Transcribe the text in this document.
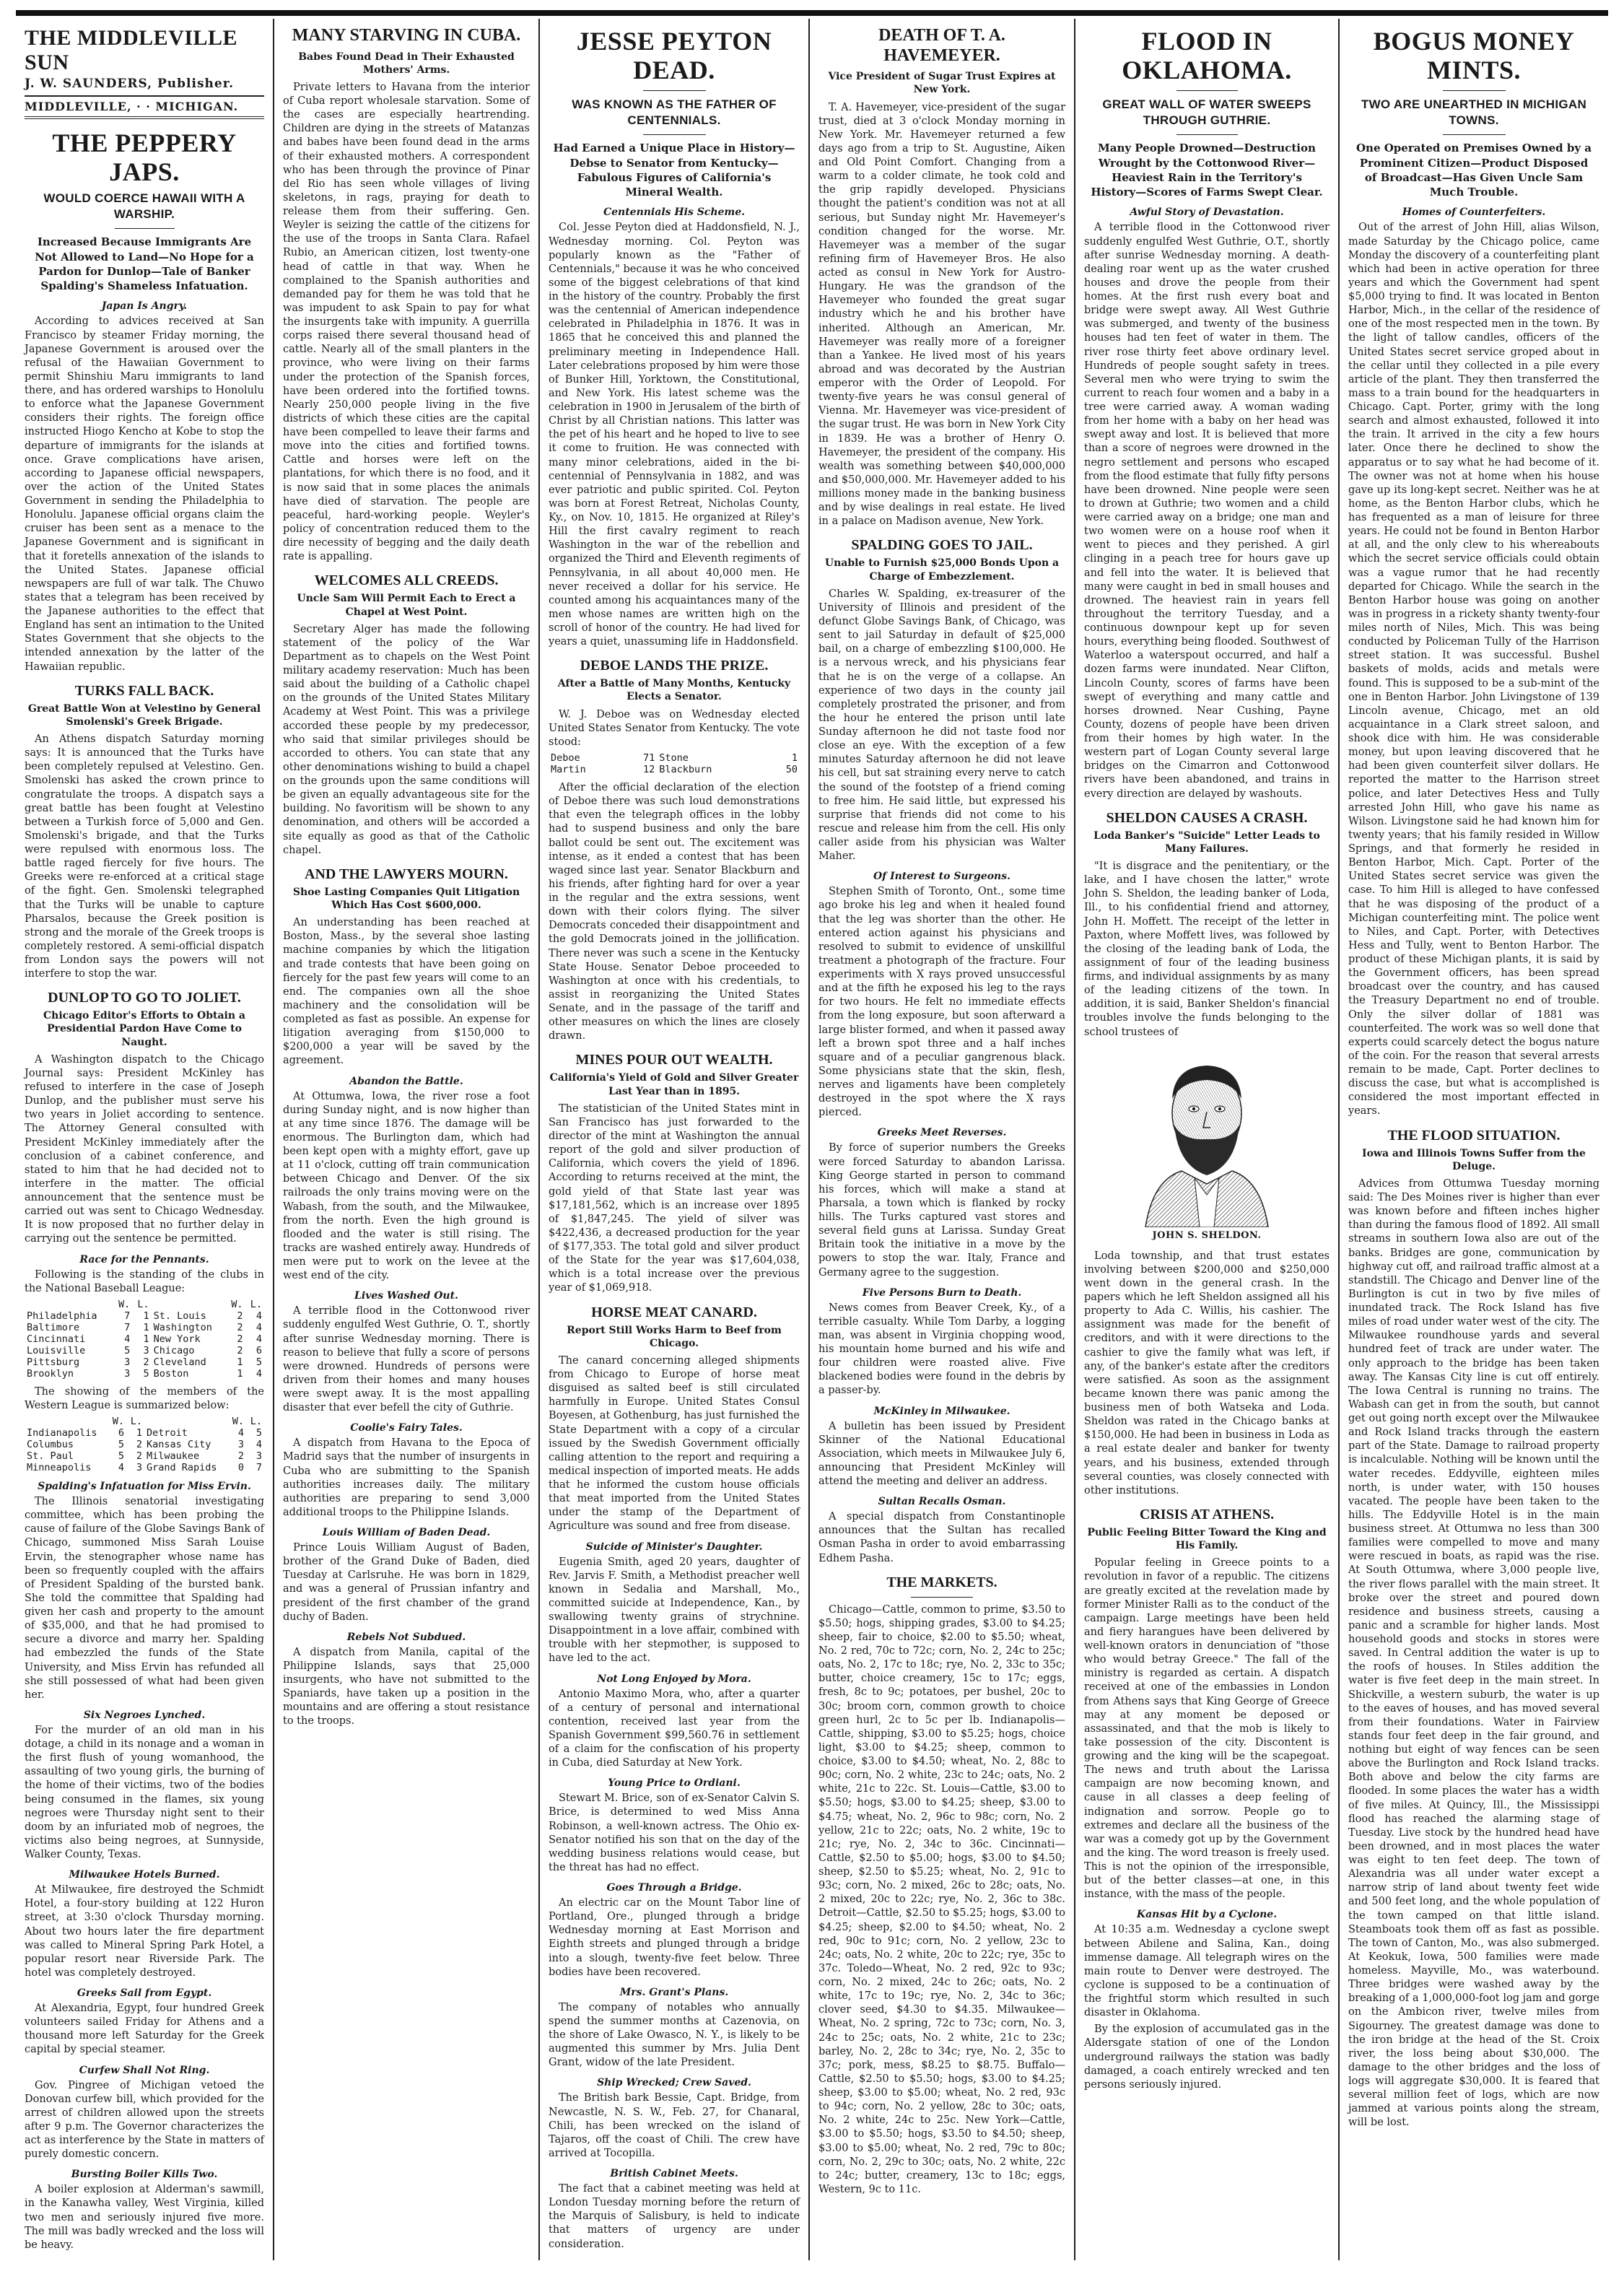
THE MIDDLEVILLE SUN
J. W. SAUNDERS, Publisher.
MIDDLEVILLE, · · MICHIGAN.
THE PEPPERY JAPS.
WOULD COERCE HAWAII WITH A WARSHIP.
Increased Because Immigrants Are Not Allowed to Land—No Hope for a Pardon for Dunlop—Tale of Banker Spalding's Shameless Infatuation.
Japan Is Angry.

According to advices received at San Francisco by steamer Friday morning, the Japanese Government is aroused over the refusal of the Hawaiian Government to permit Shinshiu Maru immigrants to land there, and has ordered warships to Honolulu to enforce what the Japanese Government considers their rights. The foreign office instructed Hiogo Kencho at Kobe to stop the departure of immigrants for the islands at once. Grave complications have arisen, according to Japanese official newspapers, over the action of the United States Government in sending the Philadelphia to Honolulu. Japanese official organs claim the cruiser has been sent as a menace to the Japanese Government and is significant in that it foretells annexation of the islands to the United States. Japanese official newspapers are full of war talk. The Chuwo states that a telegram has been received by the Japanese authorities to the effect that England has sent an intimation to the United States Government that she objects to the intended annexation by the latter of the Hawaiian republic.

TURKS FALL BACK.
Great Battle Won at Velestino by General Smolenski's Greek Brigade.

An Athens dispatch Saturday morning says: It is announced that the Turks have been completely repulsed at Velestino. Gen. Smolenski has asked the crown prince to congratulate the troops. A dispatch says a great battle has been fought at Velestino between a Turkish force of 5,000 and Gen. Smolenski's brigade, and that the Turks were repulsed with enormous loss. The battle raged fiercely for five hours. The Greeks were re-enforced at a critical stage of the fight. Gen. Smolenski telegraphed that the Turks will be unable to capture Pharsalos, because the Greek position is strong and the morale of the Greek troops is completely restored. A semi-official dispatch from London says the powers will not interfere to stop the war.

DUNLOP TO GO TO JOLIET.
Chicago Editor's Efforts to Obtain a Presidential Pardon Have Come to Naught.

A Washington dispatch to the Chicago Journal says: President McKinley has refused to interfere in the case of Joseph Dunlop, and the publisher must serve his two years in Joliet according to sentence. The Attorney General consulted with President McKinley immediately after the conclusion of a cabinet conference, and stated to him that he had decided not to interfere in the matter. The official announcement that the sentence must be carried out was sent to Chicago Wednesday. It is now proposed that no further delay in carrying out the sentence be permitted.

Race for the Pennants.

Following is the standing of the clubs in the National Baseball League:

	W.	L.		W.	L.
Philadelphia	7	1	St. Louis	2	4
Baltimore	7	1	Washington	2	4
Cincinnati	4	1	New York	2	4
Louisville	5	3	Chicago	2	6
Pittsburg	3	2	Cleveland	1	5
Brooklyn	3	5	Boston	1	4

The showing of the members of the Western League is summarized below:

	W.	L.		W.	L.
Indianapolis	6	1	Detroit	4	5
Columbus	5	2	Kansas City	3	4
St. Paul	5	2	Milwaukee	2	3
Minneapolis	4	3	Grand Rapids	0	7
Spalding's Infatuation for Miss Ervin.

The Illinois senatorial investigating committee, which has been probing the cause of failure of the Globe Savings Bank of Chicago, summoned Miss Sarah Louise Ervin, the stenographer whose name has been so frequently coupled with the affairs of President Spalding of the bursted bank. She told the committee that Spalding had given her cash and property to the amount of $35,000, and that he had promised to secure a divorce and marry her. Spalding had embezzled the funds of the State University, and Miss Ervin has refunded all she still possessed of what had been given her.

Six Negroes Lynched.

For the murder of an old man in his dotage, a child in its nonage and a woman in the first flush of young womanhood, the assaulting of two young girls, the burning of the home of their victims, two of the bodies being consumed in the flames, six young negroes were Thursday night sent to their doom by an infuriated mob of negroes, the victims also being negroes, at Sunnyside, Walker County, Texas.

Milwaukee Hotels Burned.

At Milwaukee, fire destroyed the Schmidt Hotel, a four-story building at 122 Huron street, at 3:30 o'clock Thursday morning. About two hours later the fire department was called to Mineral Spring Park Hotel, a popular resort near Riverside Park. The hotel was completely destroyed.

Greeks Sail from Egypt.

At Alexandria, Egypt, four hundred Greek volunteers sailed Friday for Athens and a thousand more left Saturday for the Greek capital by special steamer.

Curfew Shall Not Ring.

Gov. Pingree of Michigan vetoed the Donovan curfew bill, which provided for the arrest of children allowed upon the streets after 9 p.m. The Governor characterizes the act as interference by the State in matters of purely domestic concern.

Bursting Boiler Kills Two.

A boiler explosion at Alderman's sawmill, in the Kanawha valley, West Virginia, killed two men and seriously injured five more. The mill was badly wrecked and the loss will be heavy.

MANY STARVING IN CUBA.
Babes Found Dead in Their Exhausted Mothers' Arms.

Private letters to Havana from the interior of Cuba report wholesale starvation. Some of the cases are especially heartrending. Children are dying in the streets of Matanzas and babes have been found dead in the arms of their exhausted mothers. A correspondent who has been through the province of Pinar del Rio has seen whole villages of living skeletons, in rags, praying for death to release them from their suffering. Gen. Weyler is seizing the cattle of the citizens for the use of the troops in Santa Clara. Rafael Rubio, an American citizen, lost twenty-one head of cattle in that way. When he complained to the Spanish authorities and demanded pay for them he was told that he was impudent to ask Spain to pay for what the insurgents take with impunity. A guerrilla corps raised there several thousand head of cattle. Nearly all of the small planters in the province, who were living on their farms under the protection of the Spanish forces, have been ordered into the fortified towns. Nearly 250,000 people living in the five districts of which these cities are the capital have been compelled to leave their farms and move into the cities and fortified towns. Cattle and horses were left on the plantations, for which there is no food, and it is now said that in some places the animals have died of starvation. The people are peaceful, hard-working people. Weyler's policy of concentration reduced them to the dire necessity of begging and the daily death rate is appalling.

WELCOMES ALL CREEDS.
Uncle Sam Will Permit Each to Erect a Chapel at West Point.

Secretary Alger has made the following statement of the policy of the War Department as to chapels on the West Point military academy reservation: Much has been said about the building of a Catholic chapel on the grounds of the United States Military Academy at West Point. This was a privilege accorded these people by my predecessor, who said that similar privileges should be accorded to others. You can state that any other denominations wishing to build a chapel on the grounds upon the same conditions will be given an equally advantageous site for the building. No favoritism will be shown to any denomination, and others will be accorded a site equally as good as that of the Catholic chapel.

AND THE LAWYERS MOURN.
Shoe Lasting Companies Quit Litigation Which Has Cost $600,000.

An understanding has been reached at Boston, Mass., by the several shoe lasting machine companies by which the litigation and trade contests that have been going on fiercely for the past few years will come to an end. The companies own all the shoe machinery and the consolidation will be completed as fast as possible. An expense for litigation averaging from $150,000 to $200,000 a year will be saved by the agreement.

Abandon the Battle.

At Ottumwa, Iowa, the river rose a foot during Sunday night, and is now higher than at any time since 1876. The damage will be enormous. The Burlington dam, which had been kept open with a mighty effort, gave up at 11 o'clock, cutting off train communication between Chicago and Denver. Of the six railroads the only trains moving were on the Wabash, from the south, and the Milwaukee, from the north. Even the high ground is flooded and the water is still rising. The tracks are washed entirely away. Hundreds of men were put to work on the levee at the west end of the city.

Lives Washed Out.

A terrible flood in the Cottonwood river suddenly engulfed West Guthrie, O. T., shortly after sunrise Wednesday morning. There is reason to believe that fully a score of persons were drowned. Hundreds of persons were driven from their homes and many houses were swept away. It is the most appalling disaster that ever befell the city of Guthrie.

Coolie's Fairy Tales.

A dispatch from Havana to the Epoca of Madrid says that the number of insurgents in Cuba who are submitting to the Spanish authorities increases daily. The military authorities are preparing to send 3,000 additional troops to the Philippine Islands.

Louis William of Baden Dead.

Prince Louis William August of Baden, brother of the Grand Duke of Baden, died Tuesday at Carlsruhe. He was born in 1829, and was a general of Prussian infantry and president of the first chamber of the grand duchy of Baden.

Rebels Not Subdued.

A dispatch from Manila, capital of the Philippine Islands, says that 25,000 insurgents, who have not submitted to the Spaniards, have taken up a position in the mountains and are offering a stout resistance to the troops.

JESSE PEYTON DEAD.
WAS KNOWN AS THE FATHER OF CENTENNIALS.
Had Earned a Unique Place in History—Debse to Senator from Kentucky—Fabulous Figures of California's Mineral Wealth.
Centennials His Scheme.

Col. Jesse Peyton died at Haddonsfield, N. J., Wednesday morning. Col. Peyton was popularly known as the "Father of Centennials," because it was he who conceived some of the biggest celebrations of that kind in the history of the country. Probably the first was the centennial of American independence celebrated in Philadelphia in 1876. It was in 1865 that he conceived this and planned the preliminary meeting in Independence Hall. Later celebrations proposed by him were those of Bunker Hill, Yorktown, the Constitutional, and New York. His latest scheme was the celebration in 1900 in Jerusalem of the birth of Christ by all Christian nations. This latter was the pet of his heart and he hoped to live to see it come to fruition. He was connected with many minor celebrations, aided in the bi-centennial of Pennsylvania in 1882, and was ever patriotic and public spirited. Col. Peyton was born at Forest Retreat, Nicholas County, Ky., on Nov. 10, 1815. He organized at Riley's Hill the first cavalry regiment to reach Washington in the war of the rebellion and organized the Third and Eleventh regiments of Pennsylvania, in all about 40,000 men. He never received a dollar for his service. He counted among his acquaintances many of the men whose names are written high on the scroll of honor of the country. He had lived for years a quiet, unassuming life in Haddonsfield.

DEBOE LANDS THE PRIZE.
After a Battle of Many Months, Kentucky Elects a Senator.

W. J. Deboe was on Wednesday elected United States Senator from Kentucky. The vote stood:

Deboe	71	Stone	1
Martin	12	Blackburn	50

After the official declaration of the election of Deboe there was such loud demonstrations that even the telegraph offices in the lobby had to suspend business and only the bare ballot could be sent out. The excitement was intense, as it ended a contest that has been waged since last year. Senator Blackburn and his friends, after fighting hard for over a year in the regular and the extra sessions, went down with their colors flying. The silver Democrats conceded their disappointment and the gold Democrats joined in the jollification. There never was such a scene in the Kentucky State House. Senator Deboe proceeded to Washington at once with his credentials, to assist in reorganizing the United States Senate, and in the passage of the tariff and other measures on which the lines are closely drawn.

MINES POUR OUT WEALTH.
California's Yield of Gold and Silver Greater Last Year than in 1895.

The statistician of the United States mint in San Francisco has just forwarded to the director of the mint at Washington the annual report of the gold and silver production of California, which covers the yield of 1896. According to returns received at the mint, the gold yield of that State last year was $17,181,562, which is an increase over 1895 of $1,847,245. The yield of silver was $422,436, a decreased production for the year of $177,353. The total gold and silver product of the State for the year was $17,604,038, which is a total increase over the previous year of $1,069,918.

HORSE MEAT CANARD.
Report Still Works Harm to Beef from Chicago.

The canard concerning alleged shipments from Chicago to Europe of horse meat disguised as salted beef is still circulated harmfully in Europe. United States Consul Boyesen, at Gothenburg, has just furnished the State Department with a copy of a circular issued by the Swedish Government officially calling attention to the report and requiring a medical inspection of imported meats. He adds that he informed the custom house officials that meat imported from the United States under the stamp of the Department of Agriculture was sound and free from disease.

Suicide of Minister's Daughter.

Eugenia Smith, aged 20 years, daughter of Rev. Jarvis F. Smith, a Methodist preacher well known in Sedalia and Marshall, Mo., committed suicide at Independence, Kan., by swallowing twenty grains of strychnine. Disappointment in a love affair, combined with trouble with her stepmother, is supposed to have led to the act.

Not Long Enjoyed by Mora.

Antonio Maximo Mora, who, after a quarter of a century of personal and international contention, received last year from the Spanish Government $99,560.76 in settlement of a claim for the confiscation of his property in Cuba, died Saturday at New York.

Young Price to Ordiani.

Stewart M. Brice, son of ex-Senator Calvin S. Brice, is determined to wed Miss Anna Robinson, a well-known actress. The Ohio ex-Senator notified his son that on the day of the wedding business relations would cease, but the threat has had no effect.

Goes Through a Bridge.

An electric car on the Mount Tabor line of Portland, Ore., plunged through a bridge Wednesday morning at East Morrison and Eighth streets and plunged through a bridge into a slough, twenty-five feet below. Three bodies have been recovered.

Mrs. Grant's Plans.

The company of notables who annually spend the summer months at Cazenovia, on the shore of Lake Owasco, N. Y., is likely to be augmented this summer by Mrs. Julia Dent Grant, widow of the late President.

Ship Wrecked; Crew Saved.

The British bark Bessie, Capt. Bridge, from Newcastle, N. S. W., Feb. 27, for Chanaral, Chili, has been wrecked on the island of Tajaros, off the coast of Chili. The crew have arrived at Tocopilla.

British Cabinet Meets.

The fact that a cabinet meeting was held at London Tuesday morning before the return of the Marquis of Salisbury, is held to indicate that matters of urgency are under consideration.

DEATH OF T. A. HAVEMEYER.
Vice President of Sugar Trust Expires at New York.

T. A. Havemeyer, vice-president of the sugar trust, died at 3 o'clock Monday morning in New York. Mr. Havemeyer returned a few days ago from a trip to St. Augustine, Aiken and Old Point Comfort. Changing from a warm to a colder climate, he took cold and the grip rapidly developed. Physicians thought the patient's condition was not at all serious, but Sunday night Mr. Havemeyer's condition changed for the worse. Mr. Havemeyer was a member of the sugar refining firm of Havemeyer Bros. He also acted as consul in New York for Austro-Hungary. He was the grandson of the Havemeyer who founded the great sugar industry which he and his brother have inherited. Although an American, Mr. Havemeyer was really more of a foreigner than a Yankee. He lived most of his years abroad and was decorated by the Austrian emperor with the Order of Leopold. For twenty-five years he was consul general of Vienna. Mr. Havemeyer was vice-president of the sugar trust. He was born in New York City in 1839. He was a brother of Henry O. Havemeyer, the president of the company. His wealth was something between $40,000,000 and $50,000,000. Mr. Havemeyer added to his millions money made in the banking business and by wise dealings in real estate. He lived in a palace on Madison avenue, New York.

SPALDING GOES TO JAIL.
Unable to Furnish $25,000 Bonds Upon a Charge of Embezzlement.

Charles W. Spalding, ex-treasurer of the University of Illinois and president of the defunct Globe Savings Bank, of Chicago, was sent to jail Saturday in default of $25,000 bail, on a charge of embezzling $100,000. He is a nervous wreck, and his physicians fear that he is on the verge of a collapse. An experience of two days in the county jail completely prostrated the prisoner, and from the hour he entered the prison until late Sunday afternoon he did not taste food nor close an eye. With the exception of a few minutes Saturday afternoon he did not leave his cell, but sat straining every nerve to catch the sound of the footstep of a friend coming to free him. He said little, but expressed his surprise that friends did not come to his rescue and release him from the cell. His only caller aside from his physician was Walter Maher.

Of Interest to Surgeons.

Stephen Smith of Toronto, Ont., some time ago broke his leg and when it healed found that the leg was shorter than the other. He entered action against his physicians and resolved to submit to evidence of unskillful treatment a photograph of the fracture. Four experiments with X rays proved unsuccessful and at the fifth he exposed his leg to the rays for two hours. He felt no immediate effects from the long exposure, but soon afterward a large blister formed, and when it passed away left a brown spot three and a half inches square and of a peculiar gangrenous black. Some physicians state that the skin, flesh, nerves and ligaments have been completely destroyed in the spot where the X rays pierced.

Greeks Meet Reverses.

By force of superior numbers the Greeks were forced Saturday to abandon Larissa. King George started in person to command his forces, which will make a stand at Pharsala, a town which is flanked by rocky hills. The Turks captured vast stores and several field guns at Larissa. Sunday Great Britain took the initiative in a move by the powers to stop the war. Italy, France and Germany agree to the suggestion.

Five Persons Burn to Death.

News comes from Beaver Creek, Ky., of a terrible casualty. While Tom Darby, a logging man, was absent in Virginia chopping wood, his mountain home burned and his wife and four children were roasted alive. Five blackened bodies were found in the debris by a passer-by.

McKinley in Milwaukee.

A bulletin has been issued by President Skinner of the National Educational Association, which meets in Milwaukee July 6, announcing that President McKinley will attend the meeting and deliver an address.

Sultan Recalls Osman.

A special dispatch from Constantinople announces that the Sultan has recalled Osman Pasha in order to avoid embarrassing Edhem Pasha.

THE MARKETS.

Chicago—Cattle, common to prime, $3.50 to $5.50; hogs, shipping grades, $3.00 to $4.25; sheep, fair to choice, $2.00 to $5.50; wheat, No. 2 red, 70c to 72c; corn, No. 2, 24c to 25c; oats, No. 2, 17c to 18c; rye, No. 2, 33c to 35c; butter, choice creamery, 15c to 17c; eggs, fresh, 8c to 9c; potatoes, per bushel, 20c to 30c; broom corn, common growth to choice green hurl, 2c to 5c per lb. Indianapolis—Cattle, shipping, $3.00 to $5.25; hogs, choice light, $3.00 to $4.25; sheep, common to choice, $3.00 to $4.50; wheat, No. 2, 88c to 90c; corn, No. 2 white, 23c to 24c; oats, No. 2 white, 21c to 22c. St. Louis—Cattle, $3.00 to $5.50; hogs, $3.00 to $4.25; sheep, $3.00 to $4.75; wheat, No. 2, 96c to 98c; corn, No. 2 yellow, 21c to 22c; oats, No. 2 white, 19c to 21c; rye, No. 2, 34c to 36c. Cincinnati—Cattle, $2.50 to $5.00; hogs, $3.00 to $4.50; sheep, $2.50 to $5.25; wheat, No. 2, 91c to 93c; corn, No. 2 mixed, 26c to 28c; oats, No. 2 mixed, 20c to 22c; rye, No. 2, 36c to 38c. Detroit—Cattle, $2.50 to $5.25; hogs, $3.00 to $4.25; sheep, $2.00 to $4.50; wheat, No. 2 red, 90c to 91c; corn, No. 2 yellow, 23c to 24c; oats, No. 2 white, 20c to 22c; rye, 35c to 37c. Toledo—Wheat, No. 2 red, 92c to 93c; corn, No. 2 mixed, 24c to 26c; oats, No. 2 white, 17c to 19c; rye, No. 2, 34c to 36c; clover seed, $4.30 to $4.35. Milwaukee—Wheat, No. 2 spring, 72c to 73c; corn, No. 3, 24c to 25c; oats, No. 2 white, 21c to 23c; barley, No. 2, 28c to 34c; rye, No. 2, 35c to 37c; pork, mess, $8.25 to $8.75. Buffalo—Cattle, $2.50 to $5.50; hogs, $3.00 to $4.25; sheep, $3.00 to $5.00; wheat, No. 2 red, 93c to 94c; corn, No. 2 yellow, 28c to 30c; oats, No. 2 white, 24c to 25c. New York—Cattle, $3.00 to $5.50; hogs, $3.50 to $4.50; sheep, $3.00 to $5.00; wheat, No. 2 red, 79c to 80c; corn, No. 2, 29c to 30c; oats, No. 2 white, 22c to 24c; butter, creamery, 13c to 18c; eggs, Western, 9c to 11c.

FLOOD IN OKLAHOMA.
GREAT WALL OF WATER SWEEPS THROUGH GUTHRIE.
Many People Drowned—Destruction Wrought by the Cottonwood River—Heaviest Rain in the Territory's History—Scores of Farms Swept Clear.
Awful Story of Devastation.

A terrible flood in the Cottonwood river suddenly engulfed West Guthrie, O.T., shortly after sunrise Wednesday morning. A death-dealing roar went up as the water crushed houses and drove the people from their homes. At the first rush every boat and bridge were swept away. All West Guthrie was submerged, and twenty of the business houses had ten feet of water in them. The river rose thirty feet above ordinary level. Hundreds of people sought safety in trees. Several men who were trying to swim the current to reach four women and a baby in a tree were carried away. A woman wading from her home with a baby on her head was swept away and lost. It is believed that more than a score of negroes were drowned in the negro settlement and persons who escaped from the flood estimate that fully fifty persons have been drowned. Nine people were seen to drown at Guthrie; two women and a child were carried away on a bridge; one man and two women were on a house roof when it went to pieces and they perished. A girl clinging in a peach tree for hours gave up and fell into the water. It is believed that many were caught in bed in small houses and drowned. The heaviest rain in years fell throughout the territory Tuesday, and a continuous downpour kept up for seven hours, everything being flooded. Southwest of Waterloo a waterspout occurred, and half a dozen farms were inundated. Near Clifton, Lincoln County, scores of farms have been swept of everything and many cattle and horses drowned. Near Cushing, Payne County, dozens of people have been driven from their homes by high water. In the western part of Logan County several large bridges on the Cimarron and Cottonwood rivers have been abandoned, and trains in every direction are delayed by washouts.

SHELDON CAUSES A CRASH.
Loda Banker's "Suicide" Letter Leads to Many Failures.

"It is disgrace and the penitentiary, or the lake, and I have chosen the latter," wrote John S. Sheldon, the leading banker of Loda, Ill., to his confidential friend and attorney, John H. Moffett. The receipt of the letter in Paxton, where Moffett lives, was followed by the closing of the leading bank of Loda, the assignment of four of the leading business firms, and individual assignments by as many of the leading citizens of the town. In addition, it is said, Banker Sheldon's financial troubles involve the funds belonging to the school trustees of

JOHN S. SHELDON.

Loda township, and that trust estates involving between $200,000 and $250,000 went down in the general crash. In the papers which he left Sheldon assigned all his property to Ada C. Willis, his cashier. The assignment was made for the benefit of creditors, and with it were directions to the cashier to give the family what was left, if any, of the banker's estate after the creditors were satisfied. As soon as the assignment became known there was panic among the business men of both Watseka and Loda. Sheldon was rated in the Chicago banks at $150,000. He had been in business in Loda as a real estate dealer and banker for twenty years, and his business, extended through several counties, was closely connected with other institutions.

CRISIS AT ATHENS.
Public Feeling Bitter Toward the King and His Family.

Popular feeling in Greece points to a revolution in favor of a republic. The citizens are greatly excited at the revelation made by former Minister Ralli as to the conduct of the campaign. Large meetings have been held and fiery harangues have been delivered by well-known orators in denunciation of "those who would betray Greece." The fall of the ministry is regarded as certain. A dispatch received at one of the embassies in London from Athens says that King George of Greece may at any moment be deposed or assassinated, and that the mob is likely to take possession of the city. Discontent is growing and the king will be the scapegoat. The news and truth about the Larissa campaign are now becoming known, and cause in all classes a deep feeling of indignation and sorrow. People go to extremes and declare all the business of the war was a comedy got up by the Government and the king. The word treason is freely used. This is not the opinion of the irresponsible, but of the better classes—at one, in this instance, with the mass of the people.

Kansas Hit by a Cyclone.

At 10:35 a.m. Wednesday a cyclone swept between Abilene and Salina, Kan., doing immense damage. All telegraph wires on the main route to Denver were destroyed. The cyclone is supposed to be a continuation of the frightful storm which resulted in such disaster in Oklahoma.

By the explosion of accumulated gas in the Aldersgate station of one of the London underground railways the station was badly damaged, a coach entirely wrecked and ten persons seriously injured.

BOGUS MONEY MINTS.
TWO ARE UNEARTHED IN MICHIGAN TOWNS.
One Operated on Premises Owned by a Prominent Citizen—Product Disposed of Broadcast—Has Given Uncle Sam Much Trouble.
Homes of Counterfeiters.

Out of the arrest of John Hill, alias Wilson, made Saturday by the Chicago police, came Monday the discovery of a counterfeiting plant which had been in active operation for three years and which the Government had spent $5,000 trying to find. It was located in Benton Harbor, Mich., in the cellar of the residence of one of the most respected men in the town. By the light of tallow candles, officers of the United States secret service groped about in the cellar until they collected in a pile every article of the plant. They then transferred the mass to a train bound for the headquarters in Chicago. Capt. Porter, grimy with the long search and almost exhausted, followed it into the train. It arrived in the city a few hours later. Once there he declined to show the apparatus or to say what he had become of it. The owner was not at home when his house gave up its long-kept secret. Neither was he at home, as the Benton Harbor clubs, which he has frequented as a man of leisure for three years. He could not be found in Benton Harbor at all, and the only clew to his whereabouts which the secret service officials could obtain was a vague rumor that he had recently departed for Chicago. While the search in the Benton Harbor house was going on another was in progress in a rickety shanty twenty-four miles north of Niles, Mich. This was being conducted by Policeman Tully of the Harrison street station. It was successful. Bushel baskets of molds, acids and metals were found. This is supposed to be a sub-mint of the one in Benton Harbor. John Livingstone of 139 Lincoln avenue, Chicago, met an old acquaintance in a Clark street saloon, and shook dice with him. He was considerable money, but upon leaving discovered that he had been given counterfeit silver dollars. He reported the matter to the Harrison street police, and later Detectives Hess and Tully arrested John Hill, who gave his name as Wilson. Livingstone said he had known him for twenty years; that his family resided in Willow Springs, and that formerly he resided in Benton Harbor, Mich. Capt. Porter of the United States secret service was given the case. To him Hill is alleged to have confessed that he was disposing of the product of a Michigan counterfeiting mint. The police went to Niles, and Capt. Porter, with Detectives Hess and Tully, went to Benton Harbor. The product of these Michigan plants, it is said by the Government officers, has been spread broadcast over the country, and has caused the Treasury Department no end of trouble. Only the silver dollar of 1881 was counterfeited. The work was so well done that experts could scarcely detect the bogus nature of the coin. For the reason that several arrests remain to be made, Capt. Porter declines to discuss the case, but what is accomplished is considered the most important effected in years.

THE FLOOD SITUATION.
Iowa and Illinois Towns Suffer from the Deluge.

Advices from Ottumwa Tuesday morning said: The Des Moines river is higher than ever was known before and fifteen inches higher than during the famous flood of 1892. All small streams in southern Iowa also are out of the banks. Bridges are gone, communication by highway cut off, and railroad traffic almost at a standstill. The Chicago and Denver line of the Burlington is cut in two by five miles of inundated track. The Rock Island has five miles of road under water west of the city. The Milwaukee roundhouse yards and several hundred feet of track are under water. The only approach to the bridge has been taken away. The Kansas City line is cut off entirely. The Iowa Central is running no trains. The Wabash can get in from the south, but cannot get out going north except over the Milwaukee and Rock Island tracks through the eastern part of the State. Damage to railroad property is incalculable. Nothing will be known until the water recedes. Eddyville, eighteen miles north, is under water, with 150 houses vacated. The people have been taken to the hills. The Eddyville Hotel is in the main business street. At Ottumwa no less than 300 families were compelled to move and many were rescued in boats, as rapid was the rise. At South Ottumwa, where 3,000 people live, the river flows parallel with the main street. It broke over the street and poured down residence and business streets, causing a panic and a scramble for higher lands. Most household goods and stocks in stores were saved. In Central addition the water is up to the roofs of houses. In Stiles addition the water is five feet deep in the main street. In Shickville, a western suburb, the water is up to the eaves of houses, and has moved several from their foundations. Water in Fairview stands four feet deep in the fair ground, and nothing but eight of way fences can be seen above the Burlington and Rock Island tracks. Both above and below the city farms are flooded. In some places the water has a width of five miles. At Quincy, Ill., the Mississippi flood has reached the alarming stage of Tuesday. Live stock by the hundred head have been drowned, and in most places the water was eight to ten feet deep. The town of Alexandria was all under water except a narrow strip of land about twenty feet wide and 500 feet long, and the whole population of the town camped on that little island. Steamboats took them off as fast as possible. The town of Canton, Mo., was also submerged. At Keokuk, Iowa, 500 families were made homeless. Mayville, Mo., was waterbound. Three bridges were washed away by the breaking of a 1,000,000-foot log jam and gorge on the Ambicon river, twelve miles from Sigourney. The greatest damage was done to the iron bridge at the head of the St. Croix river, the loss being about $30,000. The damage to the other bridges and the loss of logs will aggregate $30,000. It is feared that several million feet of logs, which are now jammed at various points along the stream, will be lost.
